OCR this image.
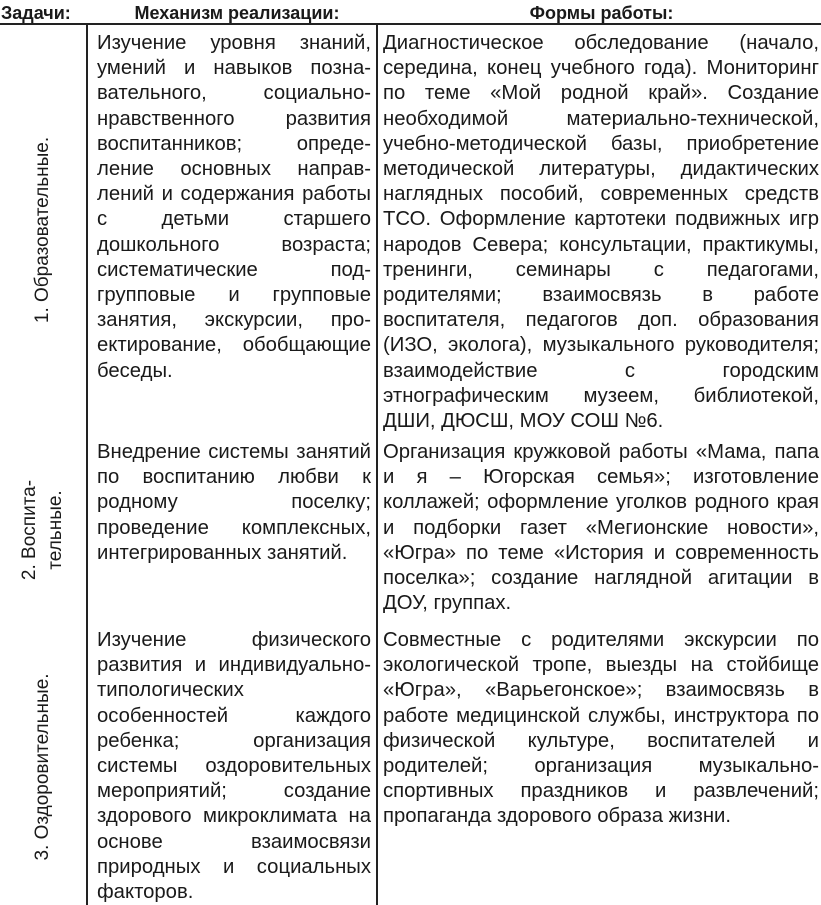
Задачи:	Механизм реализации:	Формы работы:
1. Образовательные.
Изучение уровня знаний, умений и навыков познавательного, социально-нравственного развития воспитанников; определение основных направлений и содержания работы с детьми старшего дошкольного возраста; систематические подгрупповые и групповые занятия, экскурсии, проектирование, обобщающие беседы.
Диагностическое обследование (начало, середина, конец учебного года). Мониторинг по теме «Мой родной край». Создание необходимой материально-технической, учебно-методической базы, приобретение методической литературы, дидактических наглядных пособий, современных средств ТСО. Оформление картотеки подвижных игр народов Севера; консультации, практикумы, тренинги, семинары с педагогами, родителями; взаимосвязь в работе воспитателя, педагогов доп. образования (ИЗО, эколога), музыкального руководителя; взаимодействие с городским этнографическим музеем, библиотекой, ДШИ, ДЮСШ, МОУ СОШ №6.
2. Воспита- тельные.
Внедрение системы занятий по воспитанию любви к родному поселку; проведение комплексных, интегрированных занятий.
Организация кружковой работы «Мама, папа и я – Югорская семья»; изготовление коллажей; оформление уголков родного края и подборки газет «Мегионские новости», «Югра» по теме «История и современность поселка»; создание наглядной агитации в ДОУ, группах.
3. Оздоровительные.
Изучение физического развития и индивидуально-типологических особенностей каждого ребенка; организация системы оздоровительных мероприятий; создание здорового микроклимата на основе взаимосвязи природных и социальных факторов.
Совместные с родителями экскурсии по экологической тропе, выезды на стойбище «Югра», «Варьегонское»; взаимосвязь в работе медицинской службы, инструктора по физической культуре, воспитателей и родителей; организация музыкально-спортивных праздников и развлечений; пропаганда здорового образа жизни.
